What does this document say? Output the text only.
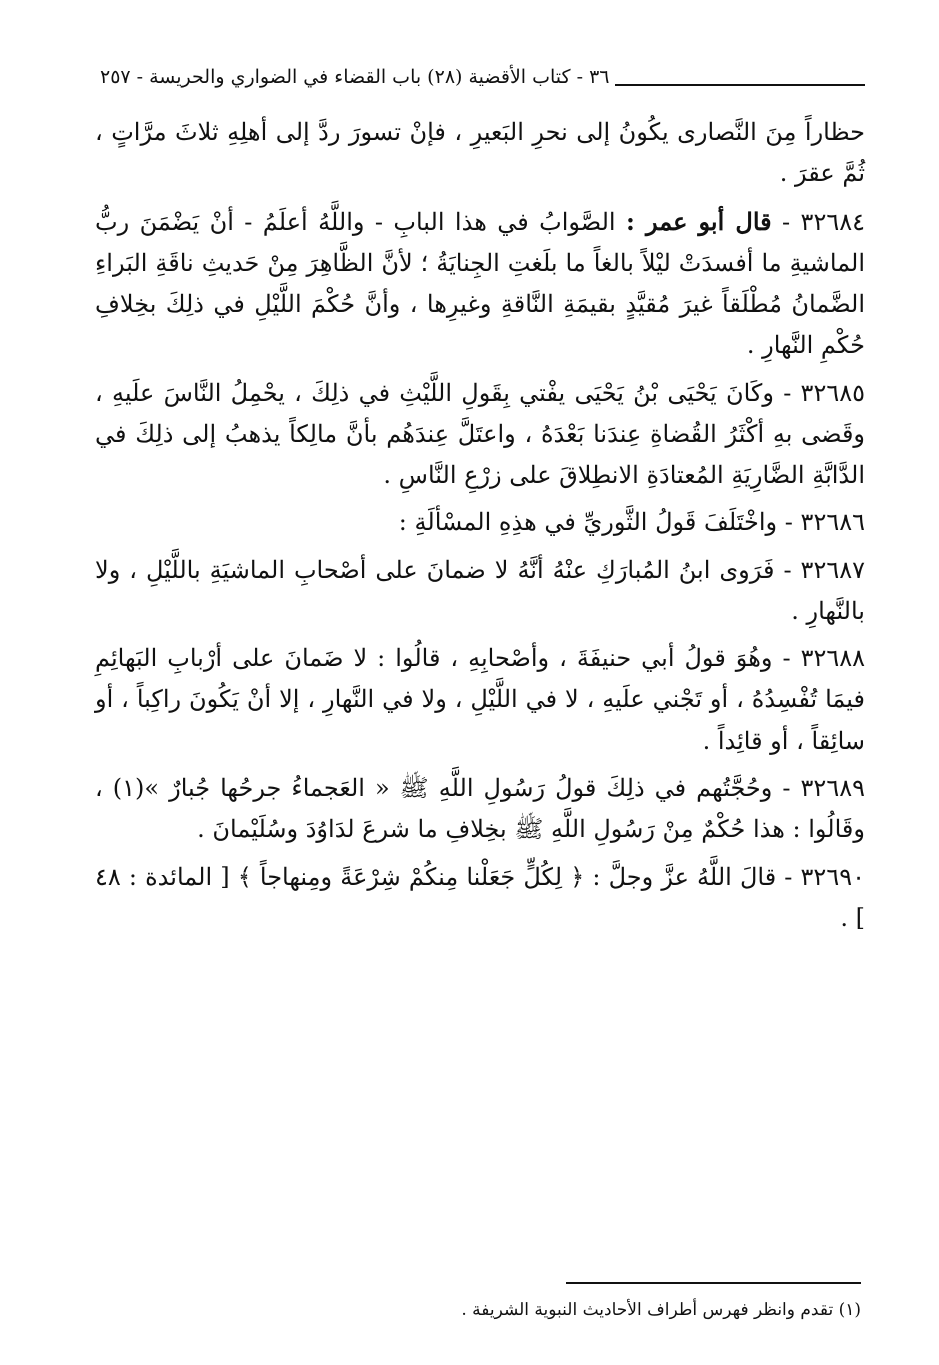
٣٦ - كتاب الأقضية (٢٨) باب القضاء في الضواري والحريسة - ٢٥٧

حظاراً مِنَ النَّصارى يكُونُ إلى نحرِ البَعيرِ ، فإنْ تسورَ ردَّ إلى أهلِهِ ثلاثَ مرَّاتٍ ، ثُمَّ عقرَ .

٣٢٦٨٤ - قال أبو عمر : الصَّوابُ في هذا البابِ - واللَّهُ أعلَمُ - أنْ يَضْمَنَ ربُّ الماشيةِ ما أفسدَتْ ليْلاً بالغاً ما بلَغتِ الجِنايَةُ ؛ لأنَّ الظَّاهِرَ مِنْ حَديثِ ناقَةِ البَراءِ الضَّمانُ مُطْلَقاً غيرَ مُقيَّدٍ بقيمَةِ النَّاقةِ وغيرِها ، وأنَّ حُكْمَ اللَّيْلِ في ذلِكَ بخِلافِ حُكْمِ النَّهارِ .

٣٢٦٨٥ - وكَانَ يَحْيَى بْنُ يَحْيَى يفْتي بِقَولِ اللَّيْثِ في ذلِكَ ، يحْمِلُ النَّاسَ علَيهِ ، وقَضى بهِ أكْثَرُ القُضاةِ عِندَنا بَعْدَهُ ، واعتَلَّ عِندَهُم بأنَّ مالِكاً يذهبُ إلى ذلِكَ في الدَّابَّةِ الضَّارِيَةِ المُعتادَةِ الانطِلاقَ على زرْعِ النَّاسِ .

٣٢٦٨٦ - واخْتَلَفَ قَولُ الثَّوريِّ في هذِهِ المسْألَةِ :

٣٢٦٨٧ - فَرَوى ابنُ المُبارَكِ عنْهُ أنَّهُ لا ضمانَ على أصْحابِ الماشيَةِ باللَّيْلِ ، ولا بالنَّهارِ .

٣٢٦٨٨ - وهُوَ قولُ أبي حنيفَةَ ، وأصْحابِهِ ، قالُوا : لا ضَمانَ على أرْبابِ البَهائِمِ فيمَا تُفْسِدُهُ ، أو تَجْني علَيهِ ، لا في اللَّيْلِ ، ولا في النَّهارِ ، إلا أنْ يَكُونَ راكِباً ، أو سائِقاً ، أو قائِداً .

٣٢٦٨٩ - وحُجَّتُهم في ذلِكَ قولُ رَسُولِ اللَّهِ ﷺ « العَجماءُ جرحُها جُبارٌ »(١) ، وقَالُوا : هذا حُكْمٌ مِنْ رَسُولِ اللَّهِ ﷺ بخِلافِ ما شرعَ لدَاوُدَ وسُلَيْمانَ .

٣٢٦٩٠ - قالَ اللَّهُ عزَّ وجلَّ : ﴿ لِكُلٍّ جَعَلْنا مِنكُمْ شِرْعَةً ومِنهاجاً ﴾ [ المائدة : ٤٨ ] .

(١) تقدم وانظر فهرس أطراف الأحاديث النبوية الشريفة .
